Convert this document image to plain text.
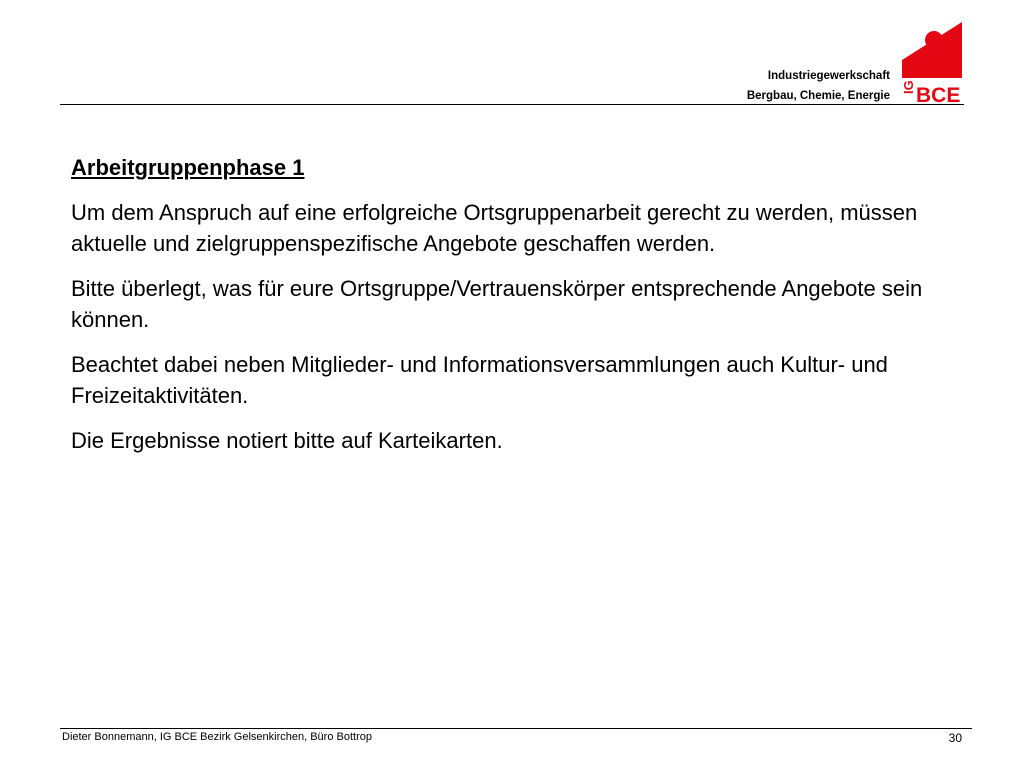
Industriegewerkschaft
Bergbau, Chemie, Energie
IG BCE
Arbeitgruppenphase 1

Um dem Anspruch auf eine erfolgreiche Ortsgruppenarbeit gerecht zu werden, müssen aktuelle und zielgruppenspezifische Angebote geschaffen werden.

Bitte überlegt, was für eure Ortsgruppe/Vertrauenskörper entsprechende Angebote sein können.

Beachtet dabei neben Mitglieder- und Informationsversammlungen auch Kultur- und Freizeitaktivitäten.

Die Ergebnisse notiert bitte auf Karteikarten.

Dieter Bonnemann, IG BCE Bezirk Gelsenkirchen, Büro Bottrop	30
